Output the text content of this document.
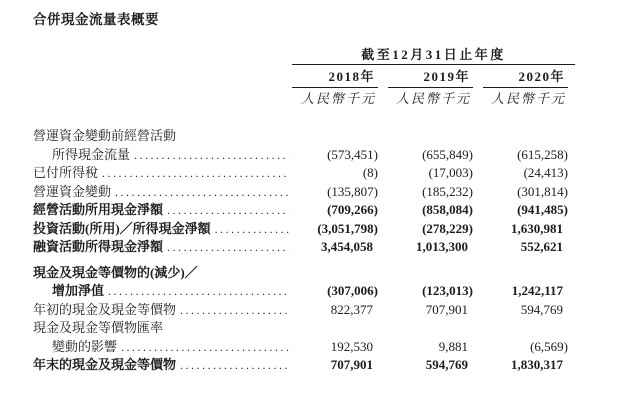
合併現金流量表概要
截至12月31日止年度
2018年	2019年	2020年
人民幣千元	人民幣千元	人民幣千元
營運資金變動前經營活動
所得現金流量 .....	(573,451)	(655,849)	(615,258)
已付所得稅 .....	(8)	(17,003)	(24,413)
營運資金變動 .....	(135,807)	(185,232)	(301,814)
經營活動所用現金淨額 .....	(709,266)	(858,084)	(941,485)
投資活動(所用)／所得現金淨額 .....	(3,051,798)	(278,229)	1,630,981
融資活動所得現金淨額 .....	3,454,058	1,013,300	552,621
現金及現金等價物的(減少)／
增加淨值 .....	(307,006)	(123,013)	1,242,117
年初的現金及現金等價物 .....	822,377	707,901	594,769
現金及現金等價物匯率
變動的影響 .....	192,530	9,881	(6,569)
年末的現金及現金等價物 .....	707,901	594,769	1,830,317
